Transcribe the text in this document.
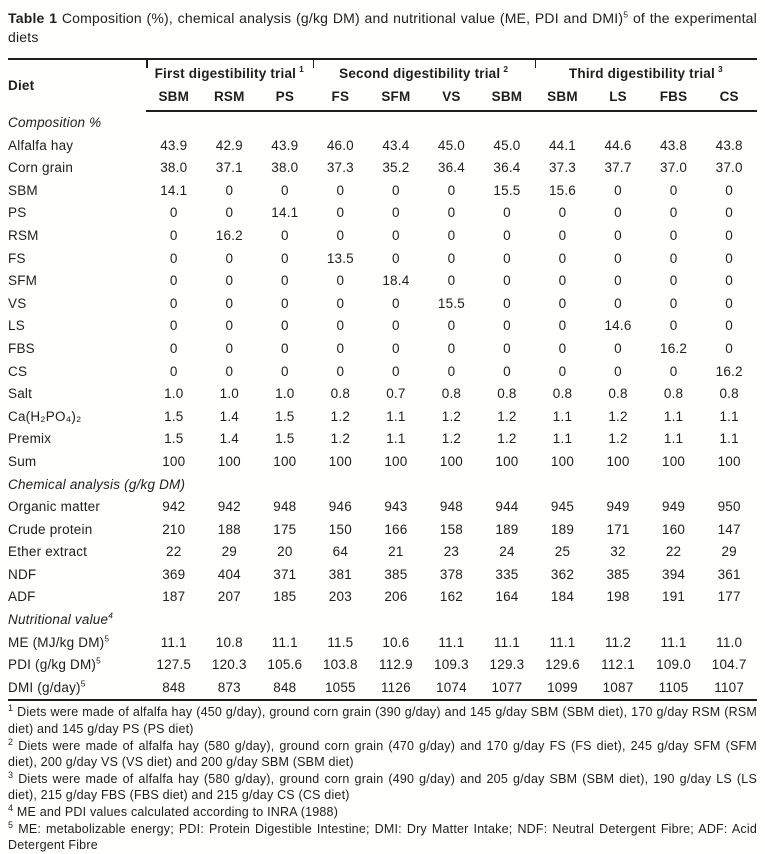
Table 1 Composition (%), chemical analysis (g/kg DM) and nutritional value (ME, PDI and DMI)$^5$ of the experimental diets

Diet	First digestibility trial $^1$			Second digestibility trial $^2$				Third digestibility trial $^3$
	SBM	RSM	PS	FS	SFM	VS	SBM	SBM	LS	FBS	CS
Composition %											
Alfalfa hay	43.9	42.9	43.9	46.0	43.4	45.0	45.0	44.1	44.6	43.8	43.8
Corn grain	38.0	37.1	38.0	37.3	35.2	36.4	36.4	37.3	37.7	37.0	37.0
SBM	14.1	0	0	0	0	0	15.5	15.6	0	0	0
PS	0	0	14.1	0	0	0	0	0	0	0	0
RSM	0	16.2	0	0	0	0	0	0	0	0	0
FS	0	0	0	13.5	0	0	0	0	0	0	0
SFM	0	0	0	0	18.4	0	0	0	0	0	0
VS	0	0	0	0	0	15.5	0	0	0	0	0
LS	0	0	0	0	0	0	0	0	14.6	0	0
FBS	0	0	0	0	0	0	0	0	0	16.2	0
CS	0	0	0	0	0	0	0	0	0	0	16.2
Salt	1.0	1.0	1.0	0.8	0.7	0.8	0.8	0.8	0.8	0.8	0.8
Ca(H₂PO₄)₂	1.5	1.4	1.5	1.2	1.1	1.2	1.2	1.1	1.2	1.1	1.1
Premix	1.5	1.4	1.5	1.2	1.1	1.2	1.2	1.1	1.2	1.1	1.1
Sum	100	100	100	100	100	100	100	100	100	100	100
Chemical analysis (g/kg DM)											
Organic matter	942	942	948	946	943	948	944	945	949	949	950
Crude protein	210	188	175	150	166	158	189	189	171	160	147
Ether extract	22	29	20	64	21	23	24	25	32	22	29
NDF	369	404	371	381	385	378	335	362	385	394	361
ADF	187	207	185	203	206	162	164	184	198	191	177
Nutritional value$^4$
ME (MJ/kg DM)$^5$	11.1	10.8	11.1	11.5	10.6	11.1	11.1	11.1	11.2	11.1	11.0
PDI (g/kg DM)$^5$	127.5	120.3	105.6	103.8	112.9	109.3	129.3	129.6	112.1	109.0	104.7
DMI $(g/day)^5$	848	873	848	1055	1126	1074	1077	1099	1087	1105	1107
$^1$ Diets were made of alfalfa hay (450 g/day), ground corn grain (390 g/day) and 145 g/day SBM (SBM diet), 170 g/day RSM (RSM diet) and 145 g/day PS (PS diet)
$^2$ Diets were made of alfalfa hay (580 g/day), ground corn grain (470 g/day) and 170 g/day FS (FS diet), 245 g/day SFM (SFM diet), 200 g/day VS (VS diet) and 200 g/day SBM (SBM diet)
$^3$ Diets were made of alfalfa hay (580 g/day), ground corn grain (490 g/day) and 205 g/day SBM (SBM diet), 190 g/day LS (LS diet), 215 g/day FBS (FBS diet) and 215 g/day CS (CS diet)
$^4$ ME and PDI values calculated according to INRA (1988)
$^5$ ME: metabolizable energy; PDI: Protein Digestible Intestine; DMI: Dry Matter Intake; NDF: Neutral Detergent Fibre; ADF: Acid Detergent Fibre
